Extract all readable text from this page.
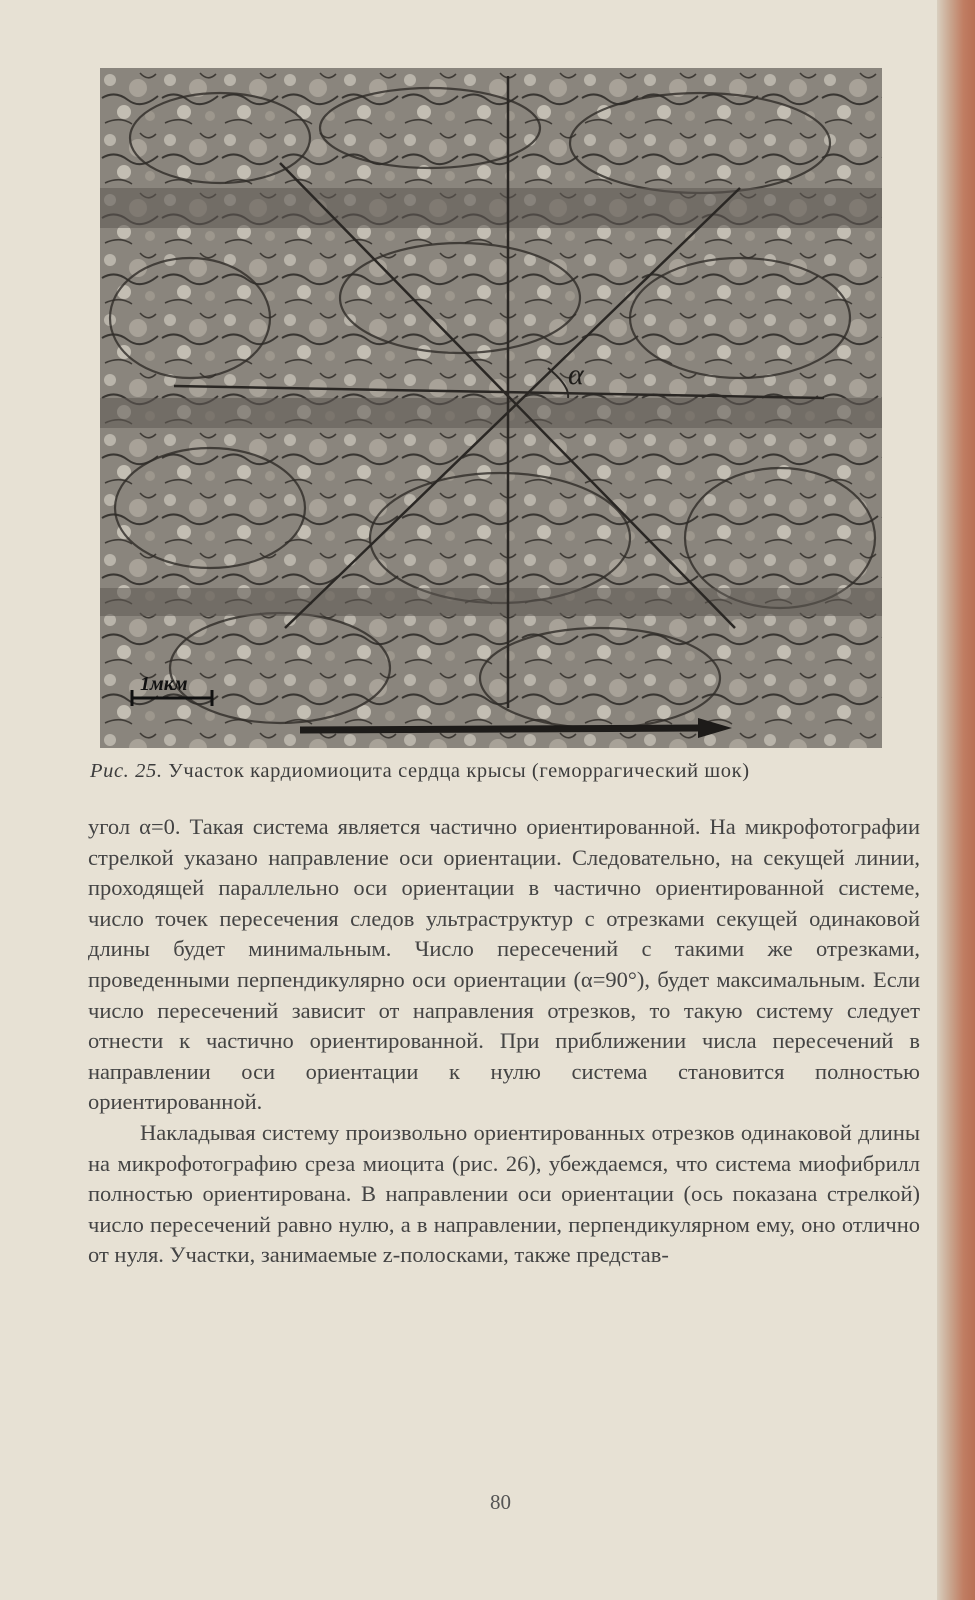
α
1мкм
Рис. 25. Участок кардиомиоцита сердца крысы (геморрагический шок)

угол α=0. Такая система является частично ориентированной. На микрофотографии стрелкой указано направление оси ориентации. Следовательно, на секущей линии, проходящей параллельно оси ориентации в частично ориентированной системе, число точек пересечения следов ультраструктур с отрезками секущей одинаковой длины будет минимальным. Число пересечений с такими же отрезками, проведенными перпендикулярно оси ориентации (α=90°), будет максимальным. Если число пересечений зависит от направления отрезков, то такую систему следует отнести к частично ориентированной. При приближении числа пересечений в направлении оси ориентации к нулю система становится полностью ориентированной.

Накладывая систему произвольно ориентированных отрезков одинаковой длины на микрофотографию среза миоцита (рис. 26), убеждаемся, что система миофибрилл полностью ориентирована. В направлении оси ориентации (ось показана стрелкой) число пересечений равно нулю, а в направлении, перпендикулярном ему, оно отлично от нуля. Участки, занимаемые z-полосками, также представ-

80
